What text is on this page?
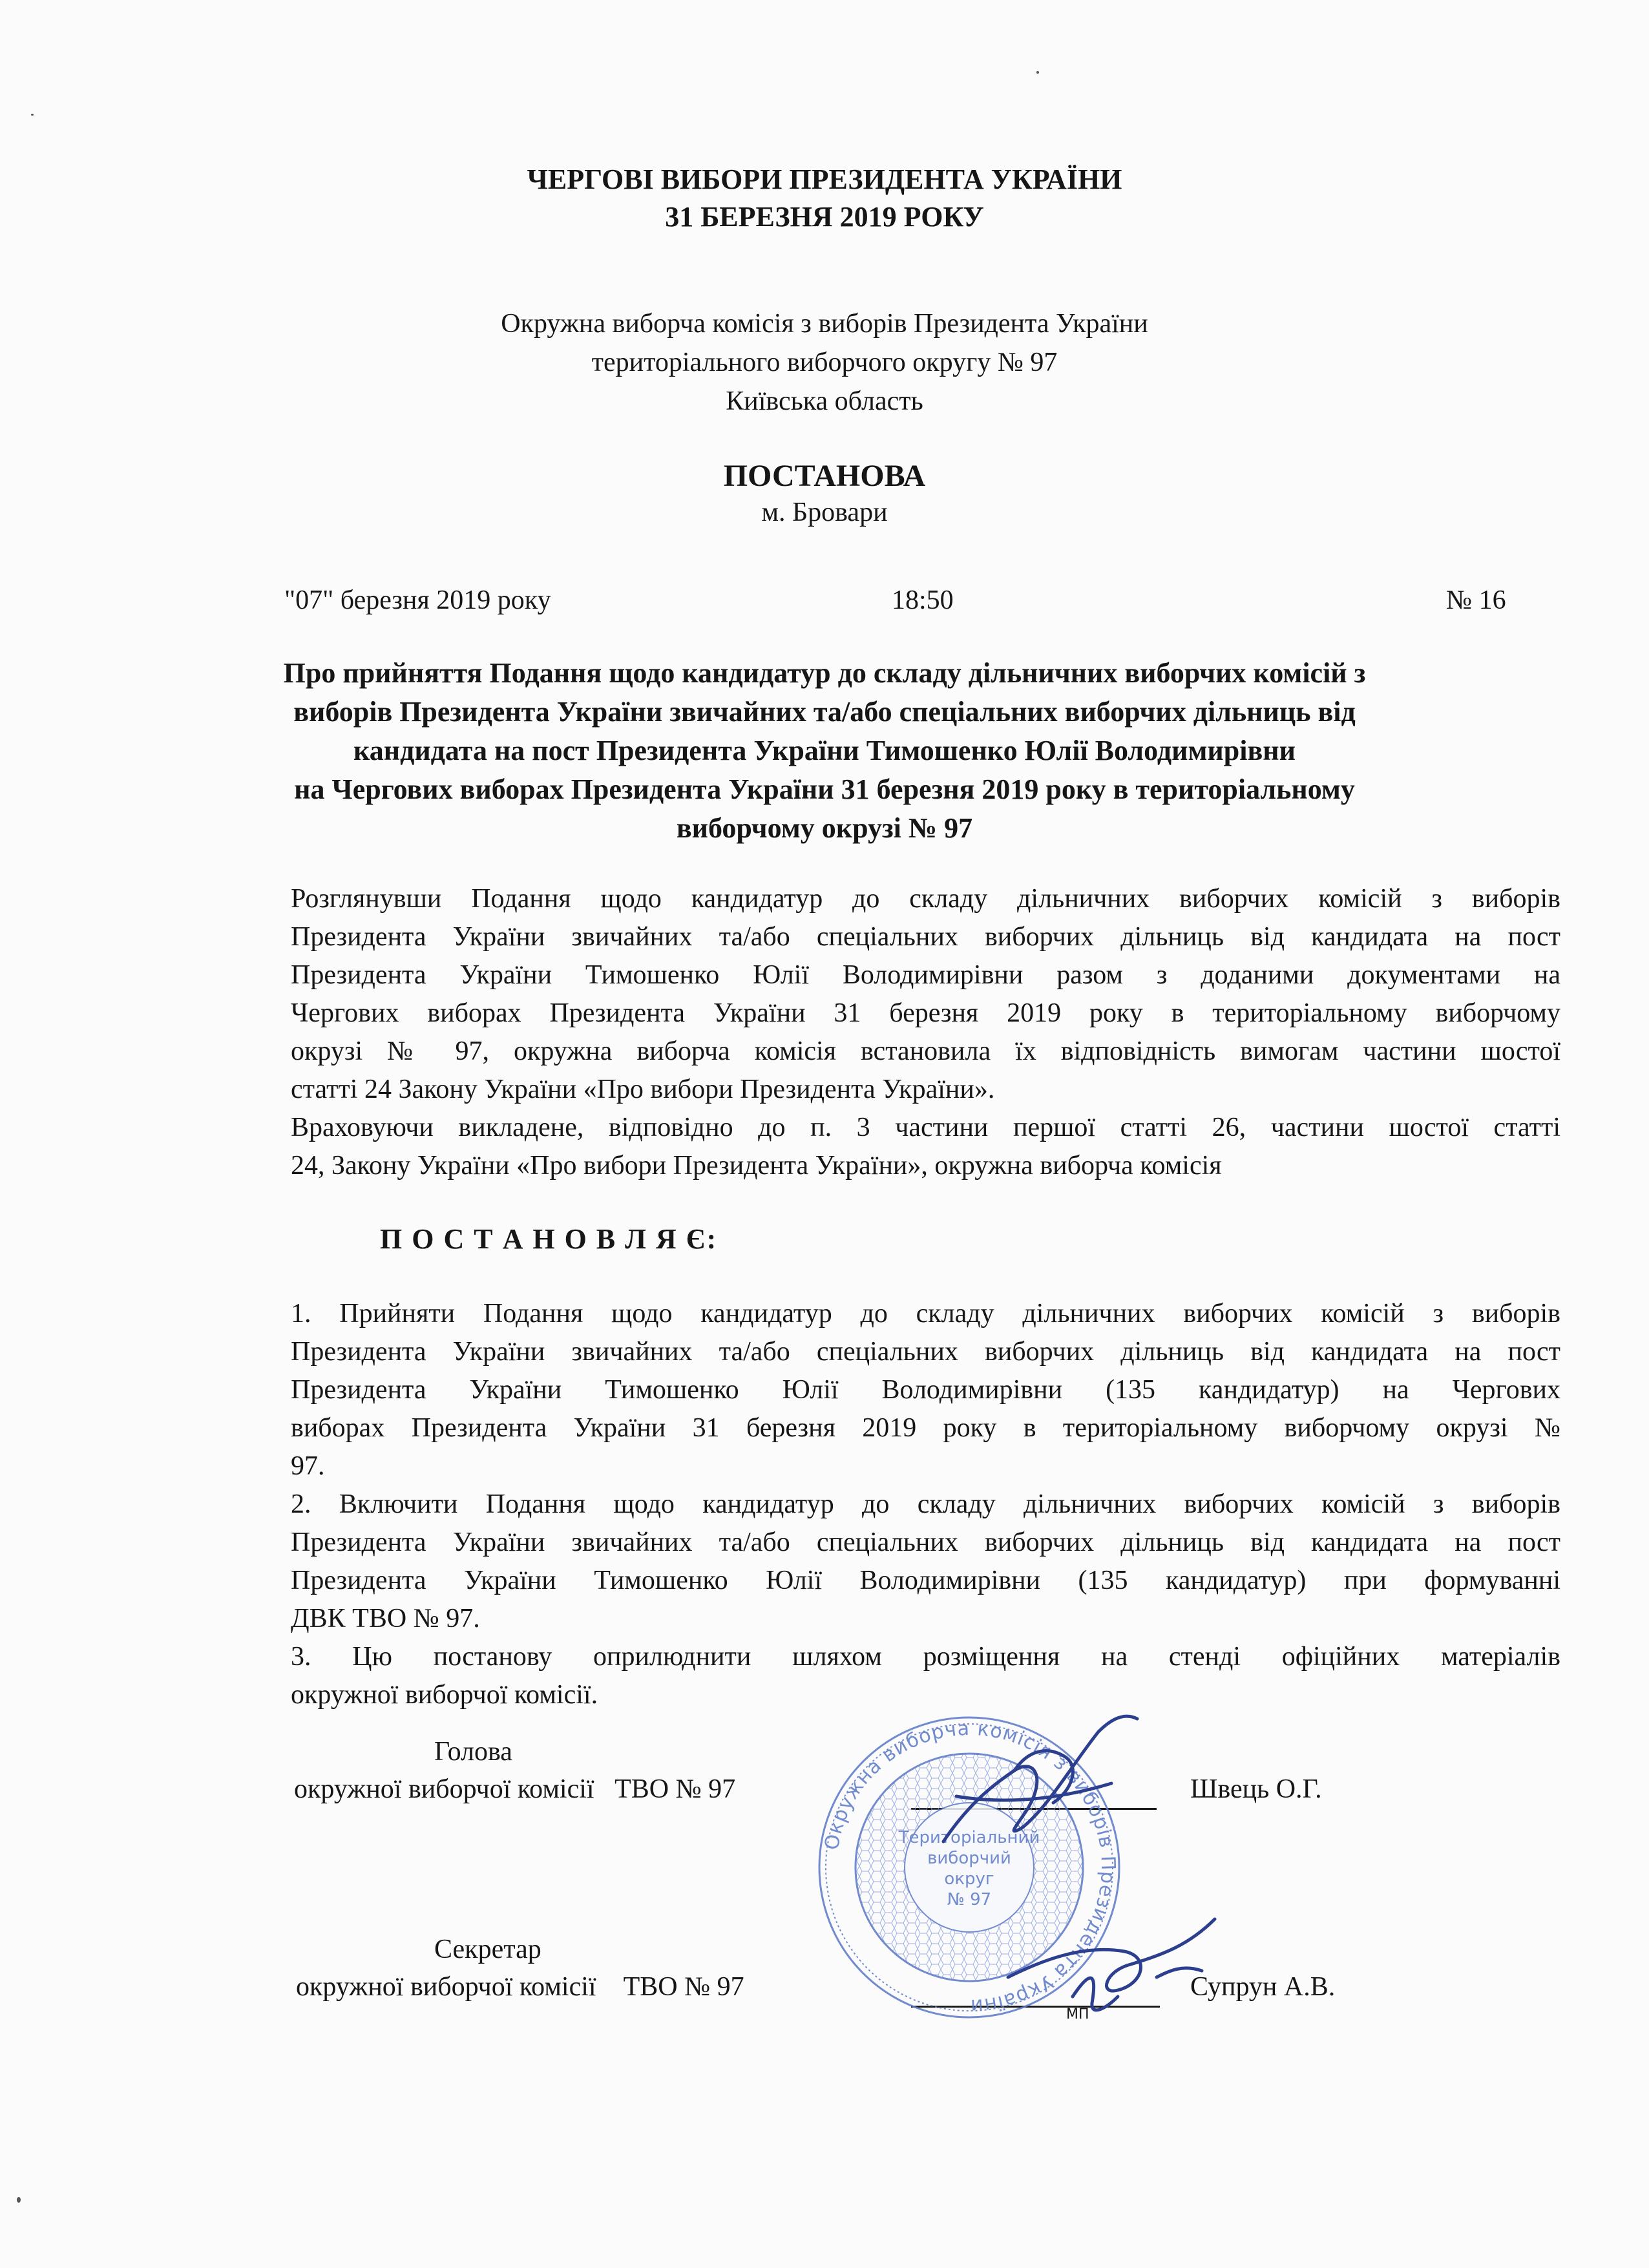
ЧЕРГОВІ ВИБОРИ ПРЕЗИДЕНТА УКРАЇНИ
31 БЕРЕЗНЯ 2019 РОКУ
Окружна виборча комісія з виборів Президента України
територіального виборчого округу № 97
Київська область
ПОСТАНОВА
м. Бровари
"07" березня 2019 року	18:50	№ 16
Про прийняття Подання щодо кандидатур до складу дільничних виборчих комісій з
виборів Президента України звичайних та/або спеціальних виборчих дільниць від
кандидата на пост Президента України Тимошенко Юлії Володимирівни
на Чергових виборах Президента України 31 березня 2019 року в територіальному
виборчому окрузі № 97
Розглянувши Подання щодо кандидатур до складу дільничних виборчих комісій з виборів
Президента України звичайних та/або спеціальних виборчих дільниць від кандидата на пост
Президента України Тимошенко Юлії Володимирівни разом з доданими документами на
Чергових виборах Президента України 31 березня 2019 року в територіальному виборчому
окрузі № 97, окружна виборча комісія встановила їх відповідність вимогам частини шостої
статті 24 Закону України «Про вибори Президента України».
Враховуючи викладене, відповідно до п. 3 частини першої статті 26, частини шостої статті
24, Закону України «Про вибори Президента України», окружна виборча комісія
П О С Т А Н О В Л Я Є:
1. Прийняти Подання щодо кандидатур до складу дільничних виборчих комісій з виборів
Президента України звичайних та/або спеціальних виборчих дільниць від кандидата на пост
Президента України Тимошенко Юлії Володимирівни (135 кандидатур) на Чергових
виборах Президента України 31 березня 2019 року в територіальному виборчому окрузі №
97.
2. Включити Подання щодо кандидатур до складу дільничних виборчих комісій з виборів
Президента України звичайних та/або спеціальних виборчих дільниць від кандидата на пост
Президента України Тимошенко Юлії Володимирівни (135 кандидатур) при формуванні
ДВК ТВО № 97.
3. Цю постанову оприлюднити шляхом розміщення на стенді офіційних матеріалів
окружної виборчої комісії.
Голова
окружної виборчої комісії   ТВО № 97	Швець О.Г.
Секретар
окружної виборчої комісії    ТВО № 97	Супрун А.В.
Окружна виборча комісія з виборів Президента України
Територіальний
виборчий
округ
№ 97
МП
